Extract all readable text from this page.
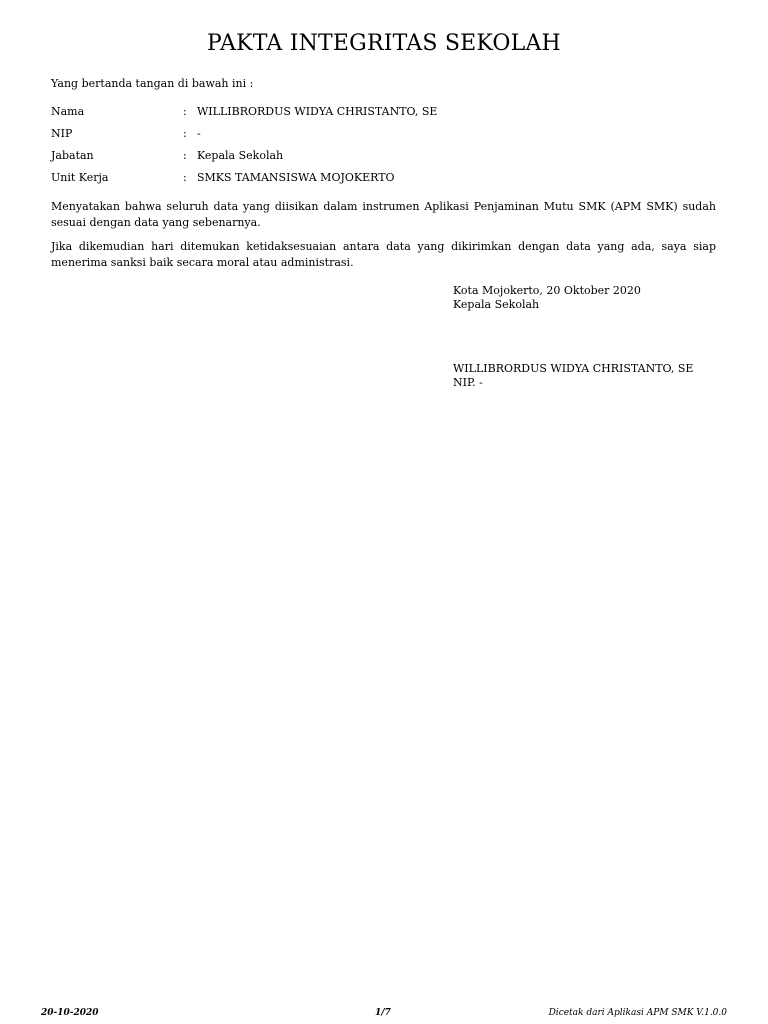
PAKTA INTEGRITAS SEKOLAH
Yang bertanda tangan di bawah ini :
Nama	: WILLIBRORDUS WIDYA CHRISTANTO, SE
NIP	: -
Jabatan	: Kepala Sekolah
Unit Kerja	: SMKS TAMANSISWA MOJOKERTO

Menyatakan bahwa seluruh data yang diisikan dalam instrumen Aplikasi Penjaminan Mutu SMK (APM SMK) sudah sesuai dengan data yang sebenarnya.

Jika dikemudian hari ditemukan ketidaksesuaian antara data yang dikirimkan dengan data yang ada, saya siap menerima sanksi baik secara moral atau administrasi.

Kota Mojokerto, 20 Oktober 2020
Kepala Sekolah
WILLIBRORDUS WIDYA CHRISTANTO, SE
NIP. -
20-10-2020	1/7	Dicetak dari Aplikasi APM SMK V.1.0.0
